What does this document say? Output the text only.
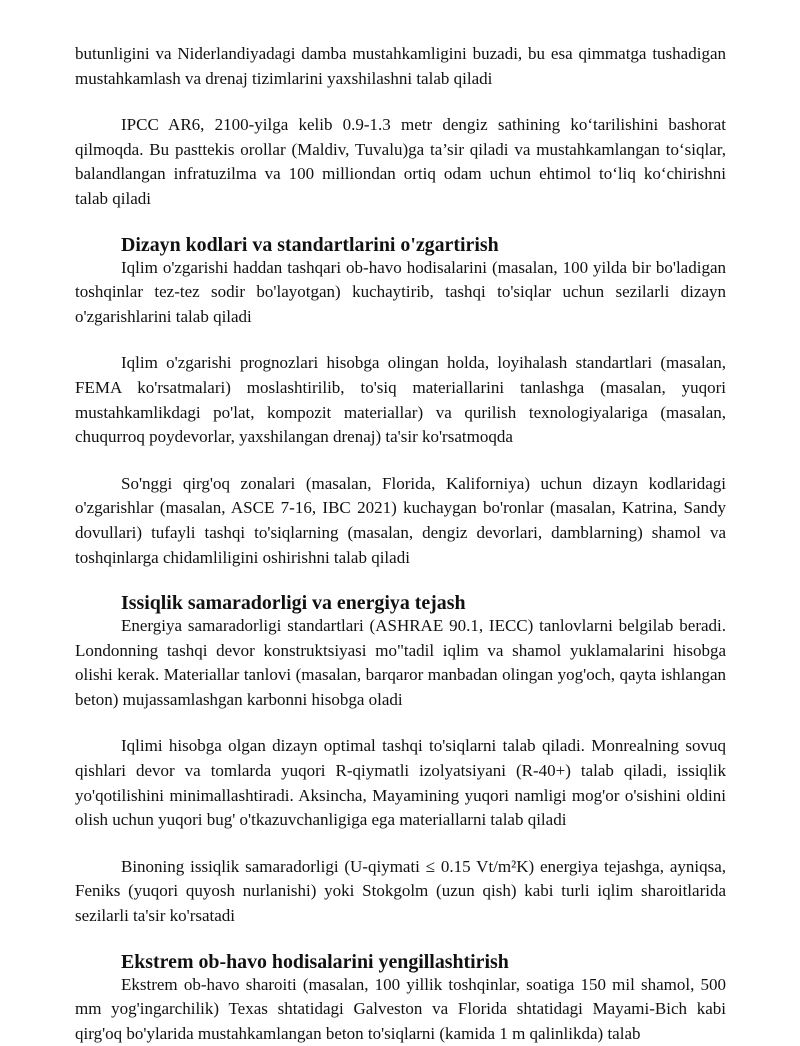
butunligini va Niderlandiyadagi damba mustahkamligini buzadi, bu esa qimmatga tushadigan mustahkamlash va drenaj tizimlarini yaxshilashni talab qiladi

IPCC AR6, 2100-yilga kelib 0.9-1.3 metr dengiz sathining ko‘tarilishini bashorat qilmoqda. Bu pasttekis orollar (Maldiv, Tuvalu)ga ta’sir qiladi va mustahkamlangan to‘siqlar, balandlangan infratuzilma va 100 milliondan ortiq odam uchun ehtimol to‘liq ko‘chirishni talab qiladi

Dizayn kodlari va standartlarini o'zgartirish

Iqlim o'zgarishi haddan tashqari ob-havo hodisalarini (masalan, 100 yilda bir bo'ladigan toshqinlar tez-tez sodir bo'layotgan) kuchaytirib, tashqi to'siqlar uchun sezilarli dizayn o'zgarishlarini talab qiladi

Iqlim o'zgarishi prognozlari hisobga olingan holda, loyihalash standartlari (masalan, FEMA ko'rsatmalari) moslashtirilib, to'siq materiallarini tanlashga (masalan, yuqori mustahkamlikdagi po'lat, kompozit materiallar) va qurilish texnologiyalariga (masalan, chuqurroq poydevorlar, yaxshilangan drenaj) ta'sir ko'rsatmoqda

So'nggi qirg'oq zonalari (masalan, Florida, Kaliforniya) uchun dizayn kodlaridagi o'zgarishlar (masalan, ASCE 7-16, IBC 2021) kuchaygan bo'ronlar (masalan, Katrina, Sandy dovullari) tufayli tashqi to'siqlarning (masalan, dengiz devorlari, damblarning) shamol va toshqinlarga chidamliligini oshirishni talab qiladi

Issiqlik samaradorligi va energiya tejash

Energiya samaradorligi standartlari (ASHRAE 90.1, IECC) tanlovlarni belgilab beradi. Londonning tashqi devor konstruktsiyasi mo"tadil iqlim va shamol yuklamalarini hisobga olishi kerak. Materiallar tanlovi (masalan, barqaror manbadan olingan yog'och, qayta ishlangan beton) mujassamlashgan karbonni hisobga oladi

Iqlimi hisobga olgan dizayn optimal tashqi to'siqlarni talab qiladi. Monrealning sovuq qishlari devor va tomlarda yuqori R-qiymatli izolyatsiyani (R-40+) talab qiladi, issiqlik yo'qotilishini minimallashtiradi. Aksincha, Mayamining yuqori namligi mog'or o'sishini oldini olish uchun yuqori bug' o'tkazuvchanligiga ega materiallarni talab qiladi

Binoning issiqlik samaradorligi (U-qiymati ≤ 0.15 Vt/m²K) energiya tejashga, ayniqsa, Feniks (yuqori quyosh nurlanishi) yoki Stokgolm (uzun qish) kabi turli iqlim sharoitlarida sezilarli ta'sir ko'rsatadi

Ekstrem ob-havo hodisalarini yengillashtirish

Ekstrem ob-havo sharoiti (masalan, 100 yillik toshqinlar, soatiga 150 mil shamol, 500 mm yog'ingarchilik) Texas shtatidagi Galveston va Florida shtatidagi Mayami-Bich kabi qirg'oq bo'ylarida mustahkamlangan beton to'siqlarni (kamida 1 m qalinlikda) talab
